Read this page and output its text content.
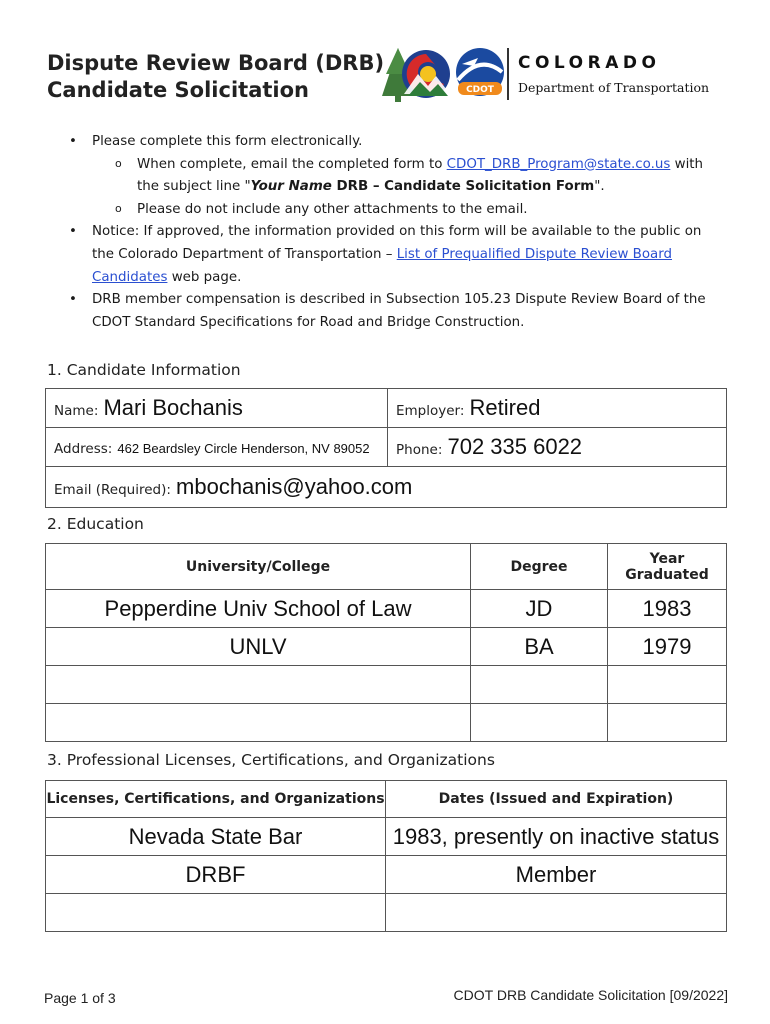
Dispute Review Board (DRB)
Candidate Solicitation	CDOT
COLORADO
Department of Transportation
• Please complete this form electronically.
o When complete, email the completed form to CDOT_DRB_Program@state.co.us with
the subject line "Your Name DRB – Candidate Solicitation Form".
o Please do not include any other attachments to the email.
• Notice: If approved, the information provided on this form will be available to the public on
the Colorado Department of Transportation – List of Prequalified Dispute Review Board
Candidates web page.
• DRB member compensation is described in Subsection 105.23 Dispute Review Board of the
CDOT Standard Specifications for Road and Bridge Construction.
1. Candidate Information
Name: Mari Bochanis	Employer: Retired
Address: 462 Beardsley Circle Henderson, NV 89052	Phone: 702 335 6022
Email (Required): mbochanis@yahoo.com	
2. Education
University/College	Degree	Year
Graduated

Pepperdine Univ School of Law	JD	1983
UNLV	BA	1979

3. Professional Licenses, Certifications, and Organizations
Licenses, Certifications, and Organizations	Dates (Issued and Expiration)
Nevada State Bar	1983, presently on inactive status
DRBF	Member

Page 1 of 3	CDOT DRB Candidate Solicitation [09/2022]
